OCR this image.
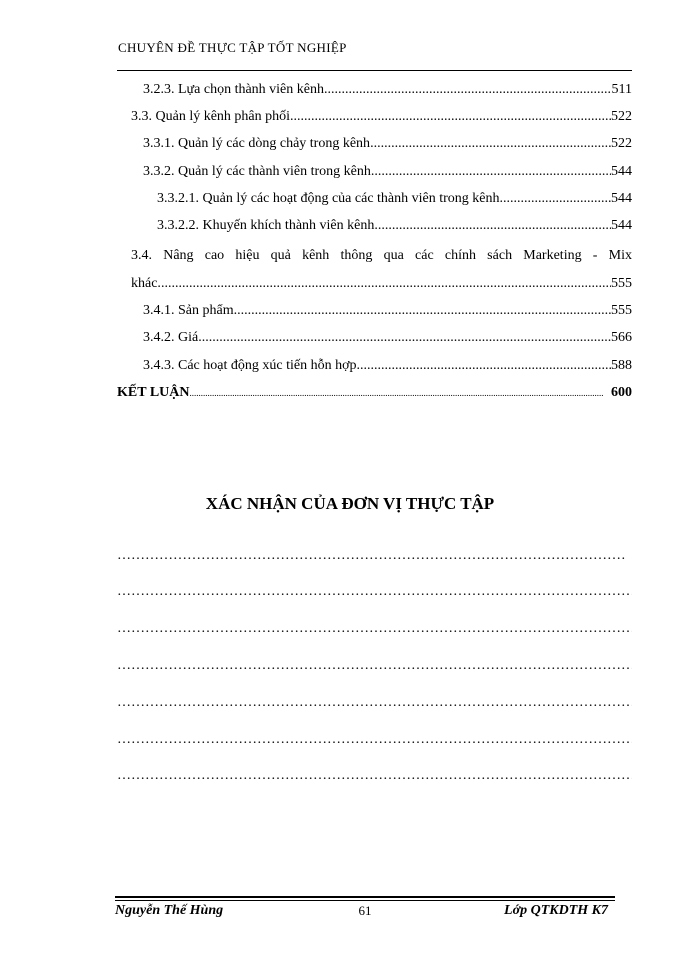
CHUYÊN ĐỀ THỰC TẬP TỐT NGHIỆP
3.2.3. Lựa chọn thành viên kênh .....	511
3.3. Quản lý kênh phân phối .....	522
3.3.1. Quản lý các dòng chảy trong kênh .....	522
3.3.2. Quản lý các thành viên trong kênh .....	544
3.3.2.1. Quản lý các hoạt động của các thành viên trong kênh .....	544
3.3.2.2. Khuyến khích thành viên kênh .....	544
3.4. Nâng cao hiệu quả kênh thông qua các chính sách Marketing - Mix
khác. .....	555
3.4.1. Sản phẩm .....	555
3.4.2. Giá .....	566
3.4.3. Các hoạt động xúc tiến hỗn hợp .....	588
KẾT LUẬN .....	600
XÁC NHẬN CỦA ĐƠN VỊ THỰC TẬP
…………………………………………………………………………………………………………………………………………………………………………………………………………
…………………………………………………………………………………………………………………………………………………………………………………………………………
…………………………………………………………………………………………………………………………………………………………………………………………………………
…………………………………………………………………………………………………………………………………………………………………………………………………………
…………………………………………………………………………………………………………………………………………………………………………………………………………
…………………………………………………………………………………………………………………………………………………………………………………………………………
…………………………………………………………………………………………………………………………………………………………………………………………………………
Nguyễn Thế Hùng	61	Lớp QTKDTH K7
